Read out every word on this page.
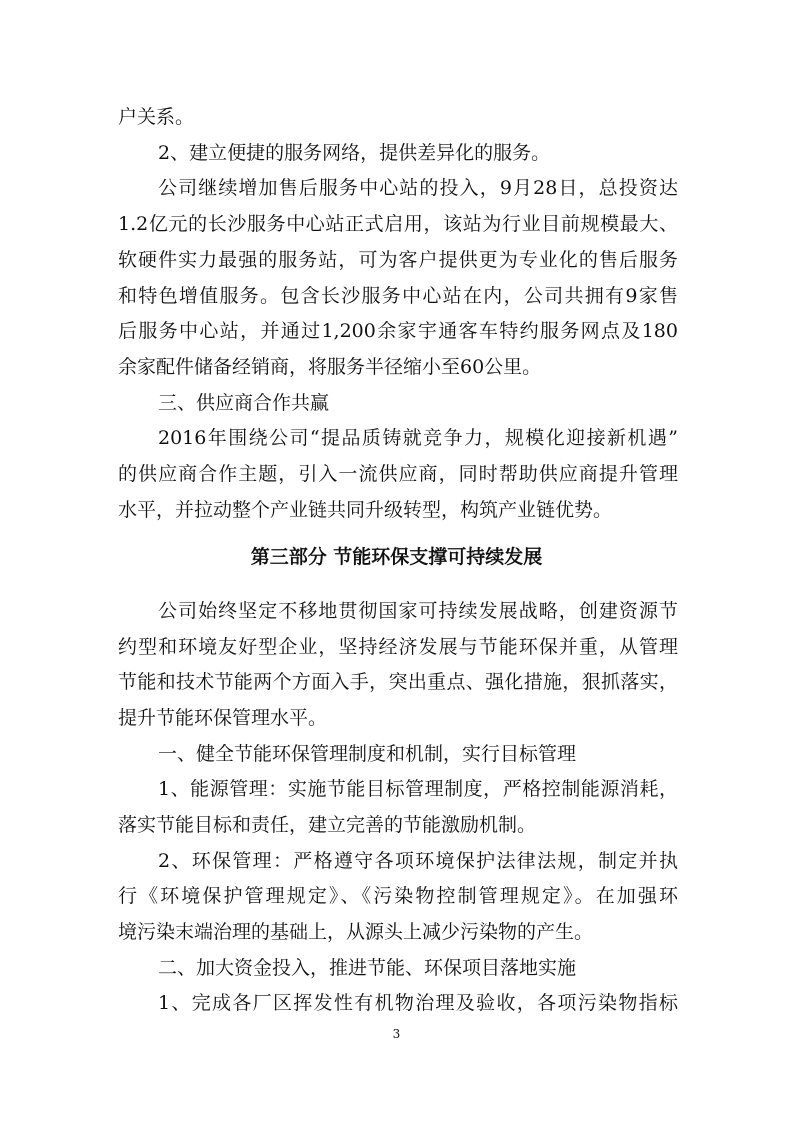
户关系。
2、建立便捷的服务网络，提供差异化的服务。
公司继续增加售后服务中心站的投入，9月28日，总投资达
1.2亿元的长沙服务中心站正式启用，该站为行业目前规模最大、
软硬件实力最强的服务站，可为客户提供更为专业化的售后服务
和特色增值服务。包含长沙服务中心站在内，公司共拥有9家售
后服务中心站，并通过1,200余家宇通客车特约服务网点及180
余家配件储备经销商，将服务半径缩小至60公里。
三、供应商合作共赢
2016年围绕公司“提品质铸就竞争力，规模化迎接新机遇”
的供应商合作主题，引入一流供应商，同时帮助供应商提升管理
水平，并拉动整个产业链共同升级转型，构筑产业链优势。
第三部分 节能环保支撑可持续发展
公司始终坚定不移地贯彻国家可持续发展战略，创建资源节
约型和环境友好型企业，坚持经济发展与节能环保并重，从管理
节能和技术节能两个方面入手，突出重点、强化措施，狠抓落实，
提升节能环保管理水平。
一、健全节能环保管理制度和机制，实行目标管理
1、能源管理：实施节能目标管理制度，严格控制能源消耗，
落实节能目标和责任，建立完善的节能激励机制。
2、环保管理：严格遵守各项环境保护法律法规，制定并执
行《环境保护管理规定》、《污染物控制管理规定》。在加强环
境污染末端治理的基础上，从源头上减少污染物的产生。
二、加大资金投入，推进节能、环保项目落地实施
1、完成各厂区挥发性有机物治理及验收，各项污染物指标
3
